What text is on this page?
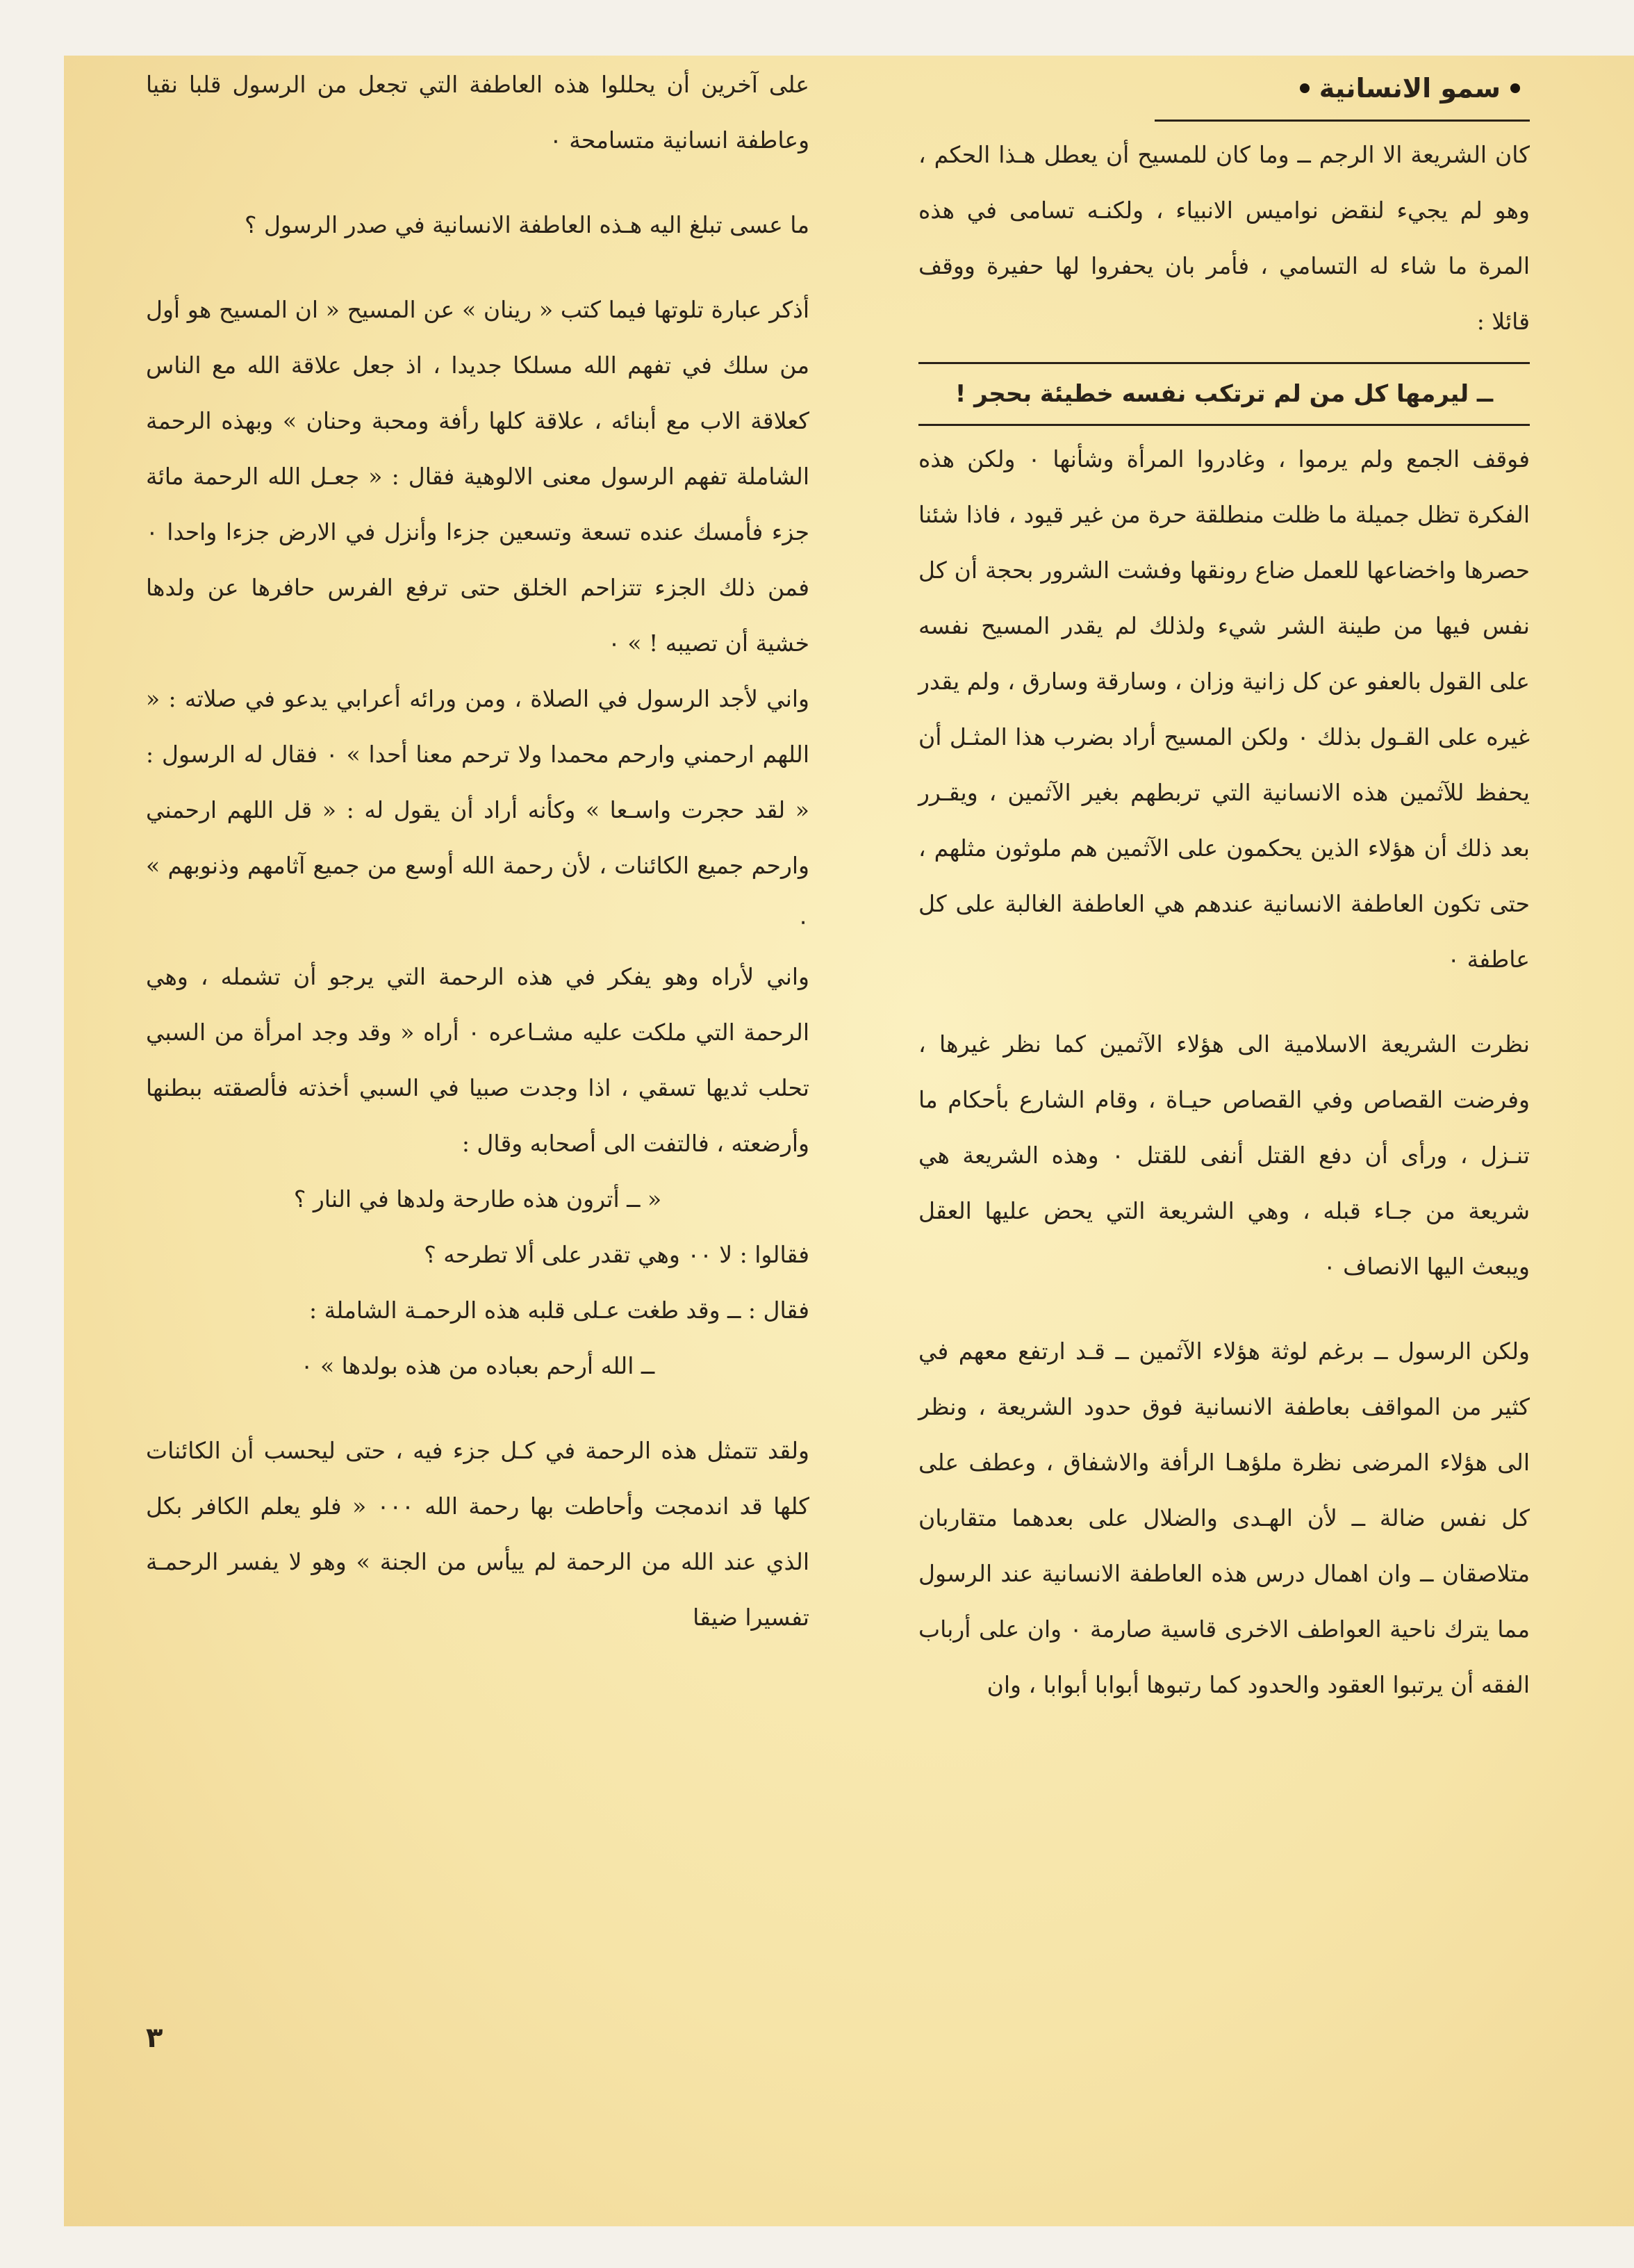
سمو الانسانية

كان الشريعة الا الرجم ــ وما كان للمسيح أن يعطل هـذا الحكم ، وهو لم يجيء لنقض نواميس الانبياء ، ولكنـه تسامى في هذه المرة ما شاء له التسامي ، فأمر بان يحفروا لها حفيرة ووقف قائلا :

ــ ليرمها كل من لم ترتكب نفسه خطيئة بحجر !

فوقف الجمع ولم يرموا ، وغادروا المرأة وشأنها ٠ ولكن هذه الفكرة تظل جميلة ما ظلت منطلقة حرة من غير قيود ، فاذا شئنا حصرها واخضاعها للعمل ضاع رونقها وفشت الشرور بحجة أن كل نفس فيها من طينة الشر شيء ولذلك لم يقدر المسيح نفسه على القول بالعفو عن كل زانية وزان ، وسارقة وسارق ، ولم يقدر غيره على القـول بذلك ٠ ولكن المسيح أراد بضرب هذا المثـل أن يحفظ للآثمين هذه الانسانية التي تربطهم بغير الآثمين ، ويقـرر بعد ذلك أن هؤلاء الذين يحكمون على الآثمين هم ملوثون مثلهم ، حتى تكون العاطفة الانسانية عندهم هي العاطفة الغالبة على كل عاطفة ٠

نظرت الشريعة الاسلامية الى هؤلاء الآثمين كما نظر غيرها ، وفرضت القصاص وفي القصاص حيـاة ، وقام الشارع بأحكام ما تنـزل ، ورأى أن دفع القتل أنفى للقتل ٠ وهذه الشريعة هي شريعة من جـاء قبله ، وهي الشريعة التي يحض عليها العقل ويبعث اليها الانصاف ٠

ولكن الرسول ــ برغم لوثة هؤلاء الآثمين ــ قـد ارتفع معهم في كثير من المواقف بعاطفة الانسانية فوق حدود الشريعة ، ونظر الى هؤلاء المرضى نظرة ملؤهـا الرأفة والاشفاق ، وعطف على كل نفس ضالة ــ لأن الهـدى والضلال على بعدهما متقاربان متلاصقان ــ وان اهمال درس هذه العاطفة الانسانية عند الرسول مما يترك ناحية العواطف الاخرى قاسية صارمة ٠ وان على أرباب الفقه أن يرتبوا العقود والحدود كما رتبوها أبوابا أبوابا ، وان

على آخرين أن يحللوا هذه العاطفة التي تجعل من الرسول قلبا نقيا وعاطفة انسانية متسامحة ٠

ما عسى تبلغ اليه هـذه العاطفة الانسانية في صدر الرسول ؟

أذكر عبارة تلوتها فيما كتب « رينان » عن المسيح « ان المسيح هو أول من سلك في تفهم الله مسلكا جديدا ، اذ جعل علاقة الله مع الناس كعلاقة الاب مع أبنائه ، علاقة كلها رأفة ومحبة وحنان » وبهذه الرحمة الشاملة تفهم الرسول معنى الالوهية فقال : « جعـل الله الرحمة مائة جزء فأمسك عنده تسعة وتسعين جزءا وأنزل في الارض جزءا واحدا ٠ فمن ذلك الجزء تتزاحم الخلق حتى ترفع الفرس حافرها عن ولدها خشية أن تصيبه ! » ٠

واني لأجد الرسول في الصلاة ، ومن ورائه أعرابي يدعو في صلاته : « اللهم ارحمني وارحم محمدا ولا ترحم معنا أحدا » ٠ فقال له الرسول : « لقد حجرت واسـعا » وكأنه أراد أن يقول له : « قل اللهم ارحمني وارحم جميع الكائنات ، لأن رحمة الله أوسع من جميع آثامهم وذنوبهم » ٠

واني لأراه وهو يفكر في هذه الرحمة التي يرجو أن تشمله ، وهي الرحمة التي ملكت عليه مشـاعره ٠ أراه « وقد وجد امرأة من السبي تحلب ثديها تسقي ، اذا وجدت صبيا في السبي أخذته فألصقته ببطنها وأرضعته ، فالتفت الى أصحابه وقال :

« ــ أترون هذه طارحة ولدها في النار ؟

فقالوا : لا ٠٠ وهي تقدر على ألا تطرحه ؟

فقال : ــ وقد طغت عـلى قلبه هذه الرحمـة الشاملة :

ــ الله أرحم بعباده من هذه بولدها » ٠

ولقد تتمثل هذه الرحمة في كـل جزء فيه ، حتى ليحسب أن الكائنات كلها قد اندمجت وأحاطت بها رحمة الله ٠٠٠ « فلو يعلم الكافر بكل الذي عند الله من الرحمة لم ييأس من الجنة » وهو لا يفسر الرحمـة تفسيرا ضيقا

٣
